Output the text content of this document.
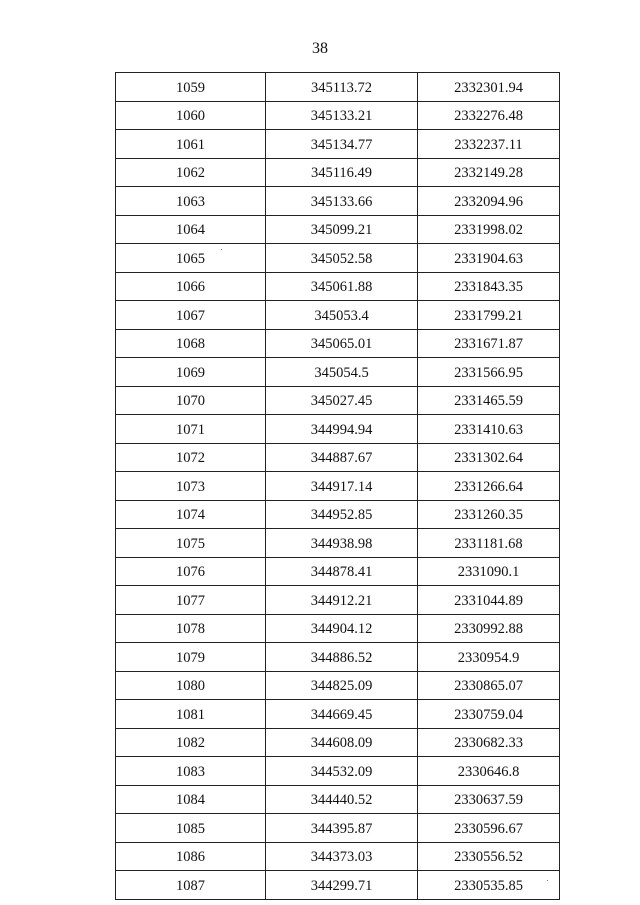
38
1059	345113.72	2332301.94
1060	345133.21	2332276.48
1061	345134.77	2332237.11
1062	345116.49	2332149.28
1063	345133.66	2332094.96
1064	345099.21	2331998.02
1065	345052.58	2331904.63
1066	345061.88	2331843.35
1067	345053.4	2331799.21
1068	345065.01	2331671.87
1069	345054.5	2331566.95
1070	345027.45	2331465.59
1071	344994.94	2331410.63
1072	344887.67	2331302.64
1073	344917.14	2331266.64
1074	344952.85	2331260.35
1075	344938.98	2331181.68
1076	344878.41	2331090.1
1077	344912.21	2331044.89
1078	344904.12	2330992.88
1079	344886.52	2330954.9
1080	344825.09	2330865.07
1081	344669.45	2330759.04
1082	344608.09	2330682.33
1083	344532.09	2330646.8
1084	344440.52	2330637.59
1085	344395.87	2330596.67
1086	344373.03	2330556.52
1087	344299.71	2330535.85
